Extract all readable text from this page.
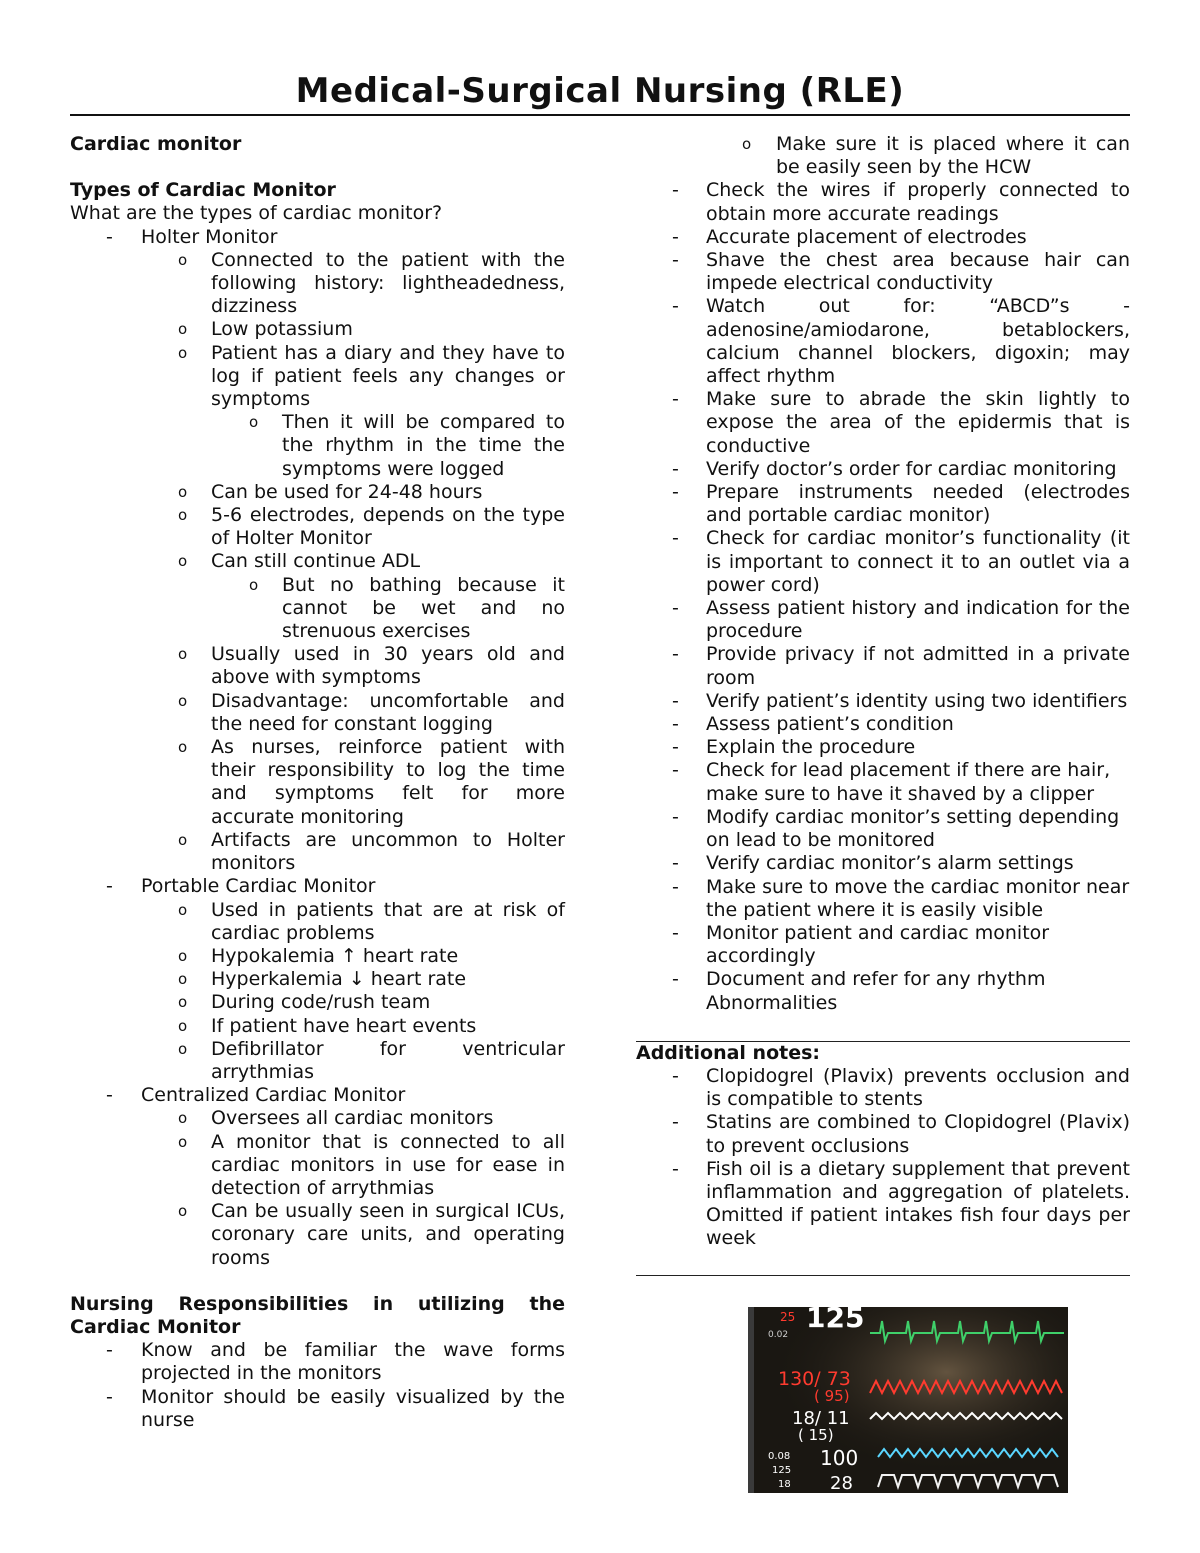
Medical-Surgical Nursing (RLE)
Cardiac monitor
Types of Cardiac Monitor
What are the types of cardiac monitor?
- Holter Monitor
o Connected to the patient with the following history: lightheadedness, dizziness
o Low potassium
o Patient has a diary and they have to log if patient feels any changes or symptoms
o Then it will be compared to the rhythm in the time the symptoms were logged
o Can be used for 24-48 hours
o 5-6 electrodes, depends on the type of Holter Monitor
o Can still continue ADL
o But no bathing because it cannot be wet and no strenuous exercises
o Usually used in 30 years old and above with symptoms
o Disadvantage: uncomfortable and the need for constant logging
o As nurses, reinforce patient with their responsibility to log the time and symptoms felt for more accurate monitoring
o Artifacts are uncommon to Holter monitors
- Portable Cardiac Monitor
o Used in patients that are at risk of cardiac problems
o Hypokalemia ↑ heart rate
o Hyperkalemia ↓ heart rate
o During code/rush team
o If patient have heart events
o Defibrillator for ventricular arrythmias
- Centralized Cardiac Monitor
o Oversees all cardiac monitors
o A monitor that is connected to all cardiac monitors in use for ease in detection of arrythmias
o Can be usually seen in surgical ICUs, coronary care units, and operating rooms
Nursing Responsibilities in utilizing the Cardiac Monitor
- Know and be familiar the wave forms projected in the monitors
- Monitor should be easily visualized by the nurse
o Make sure it is placed where it can be easily seen by the HCW
- Check the wires if properly connected to obtain more accurate readings
- Accurate placement of electrodes
- Shave the chest area because hair can impede electrical conductivity
- Watch out for: “ABCD”s - adenosine/amiodarone, betablockers, calcium channel blockers, digoxin; may affect rhythm
- Make sure to abrade the skin lightly to expose the area of the epidermis that is conductive
- Verify doctor’s order for cardiac monitoring
- Prepare instruments needed (electrodes and portable cardiac monitor)
- Check for cardiac monitor’s functionality (it is important to connect it to an outlet via a power cord)
- Assess patient history and indication for the procedure
- Provide privacy if not admitted in a private room
- Verify patient’s identity using two identifiers
- Assess patient’s condition
- Explain the procedure
- Check for lead placement if there are hair, make sure to have it shaved by a clipper
- Modify cardiac monitor’s setting depending on lead to be monitored
- Verify cardiac monitor’s alarm settings
- Make sure to move the cardiac monitor near the patient where it is easily visible
- Monitor patient and cardiac monitor accordingly
- Document and refer for any rhythm Abnormalities
Additional notes:
- Clopidogrel (Plavix) prevents occlusion and is compatible to stents
- Statins are combined to Clopidogrel (Plavix) to prevent occlusions
- Fish oil is a dietary supplement that prevent inflammation and aggregation of platelets. Omitted if patient intakes fish four days per week
25 125
0.02
130/ 73
( 95)
18/ 11
( 15)
0.08 100
125
18 28
